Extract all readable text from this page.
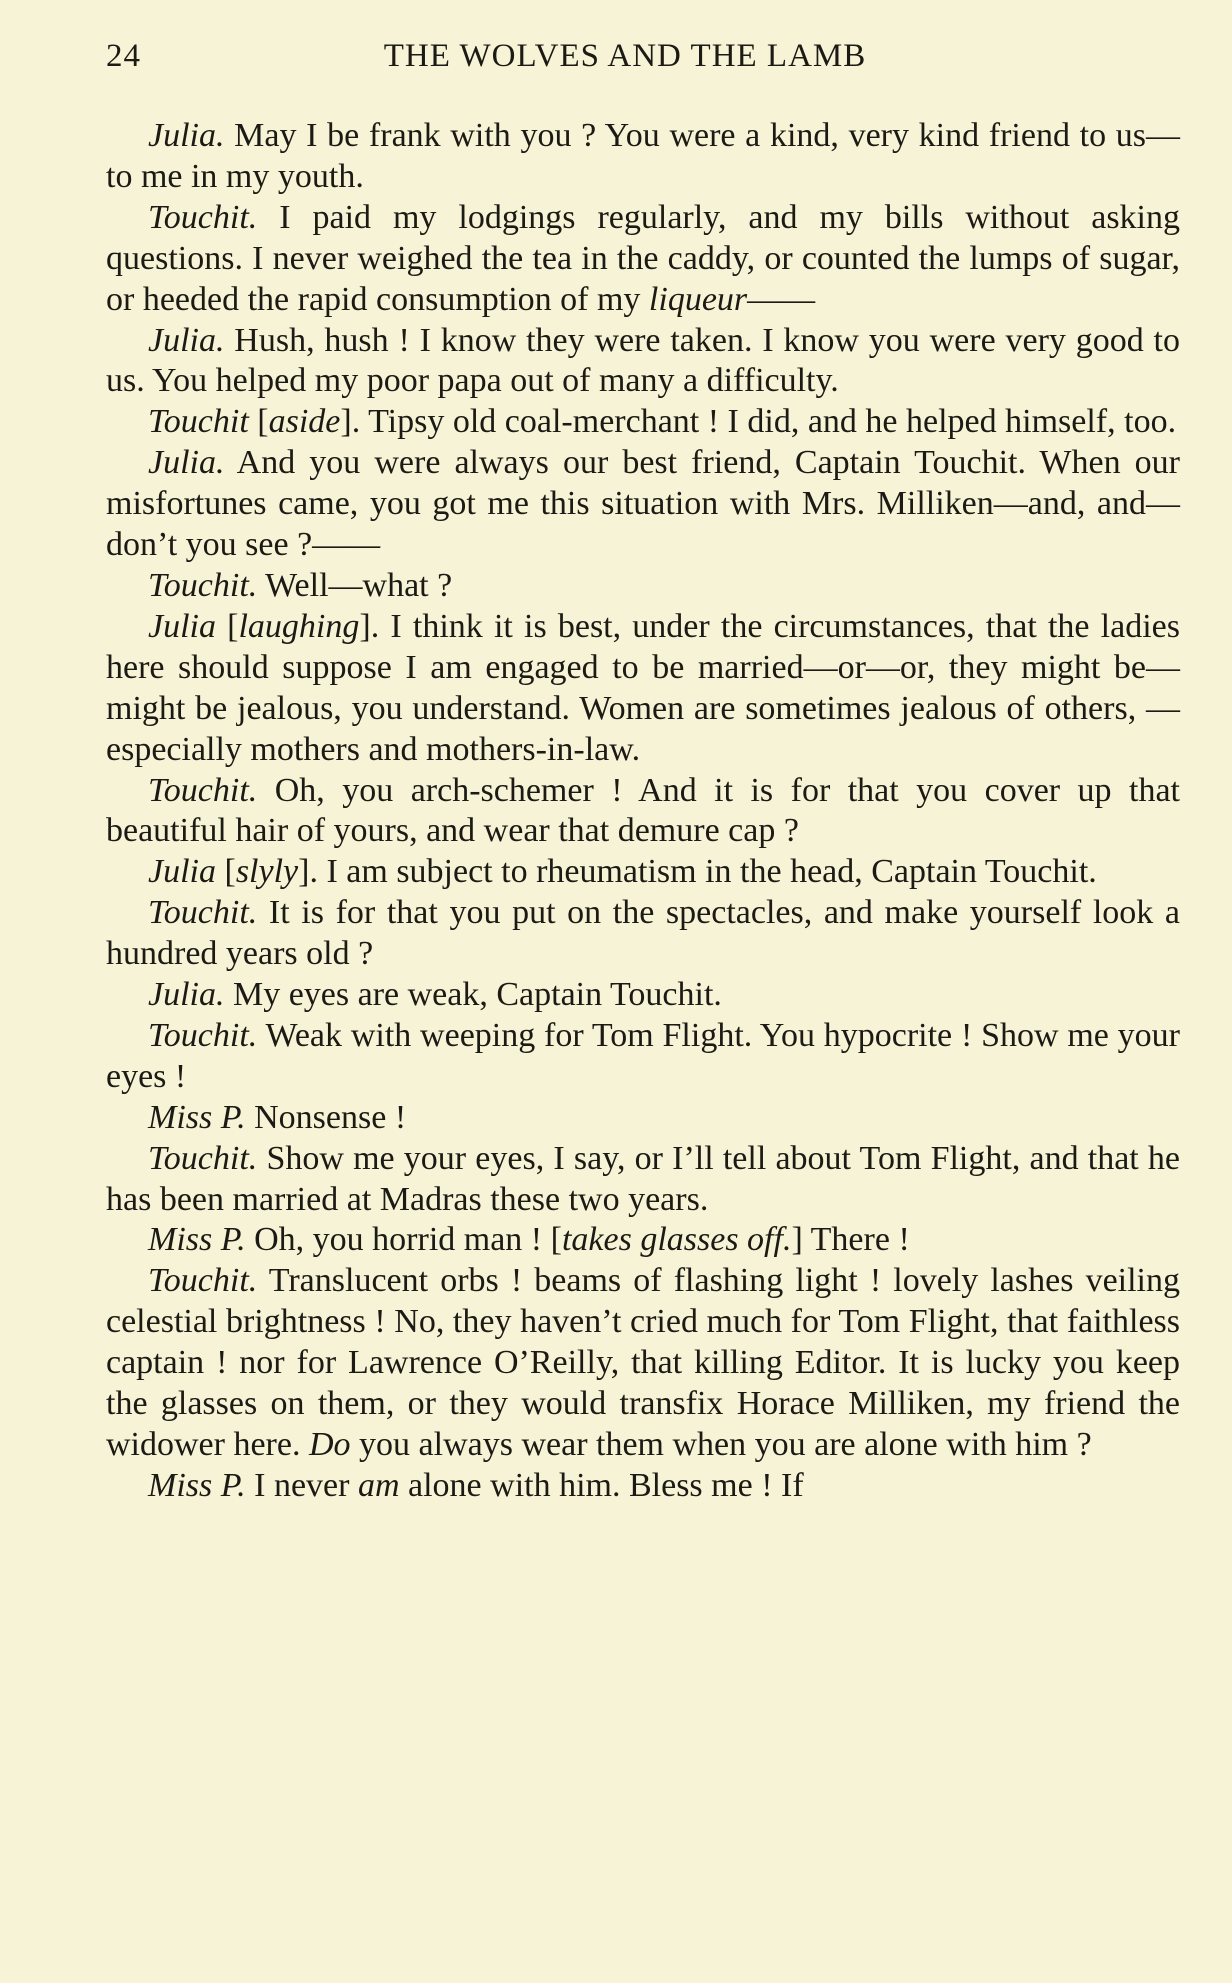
24	THE WOLVES AND THE LAMB

Julia. May I be frank with you ? You were a kind, very kind friend to us—to me in my youth.

Touchit. I paid my lodgings regularly, and my bills without asking questions. I never weighed the tea in the caddy, or counted the lumps of sugar, or heeded the rapid consumption of my liqueur——

Julia. Hush, hush ! I know they were taken. I know you were very good to us. You helped my poor papa out of many a difficulty.

Touchit [aside]. Tipsy old coal-merchant ! I did, and he helped himself, too.

Julia. And you were always our best friend, Captain Touchit. When our misfortunes came, you got me this situation with Mrs. Milliken—and, and—don’t you see ?——

Touchit. Well—what ?

Julia [laughing]. I think it is best, under the circumstances, that the ladies here should suppose I am engaged to be married—or—or, they might be—might be jealous, you understand. Women are sometimes jealous of others, —especially mothers and mothers-in-law.

Touchit. Oh, you arch-schemer ! And it is for that you cover up that beautiful hair of yours, and wear that demure cap ?

Julia [slyly]. I am subject to rheumatism in the head, Captain Touchit.

Touchit. It is for that you put on the spectacles, and make yourself look a hundred years old ?

Julia. My eyes are weak, Captain Touchit.

Touchit. Weak with weeping for Tom Flight. You hypocrite ! Show me your eyes !

Miss P. Nonsense !

Touchit. Show me your eyes, I say, or I’ll tell about Tom Flight, and that he has been married at Madras these two years.

Miss P. Oh, you horrid man ! [takes glasses off.] There !

Touchit. Translucent orbs ! beams of flashing light ! lovely lashes veiling celestial brightness ! No, they haven’t cried much for Tom Flight, that faithless captain ! nor for Lawrence O’Reilly, that killing Editor. It is lucky you keep the glasses on them, or they would transfix Horace Milliken, my friend the widower here. Do you always wear them when you are alone with him ?

Miss P. I never am alone with him. Bless me ! If
